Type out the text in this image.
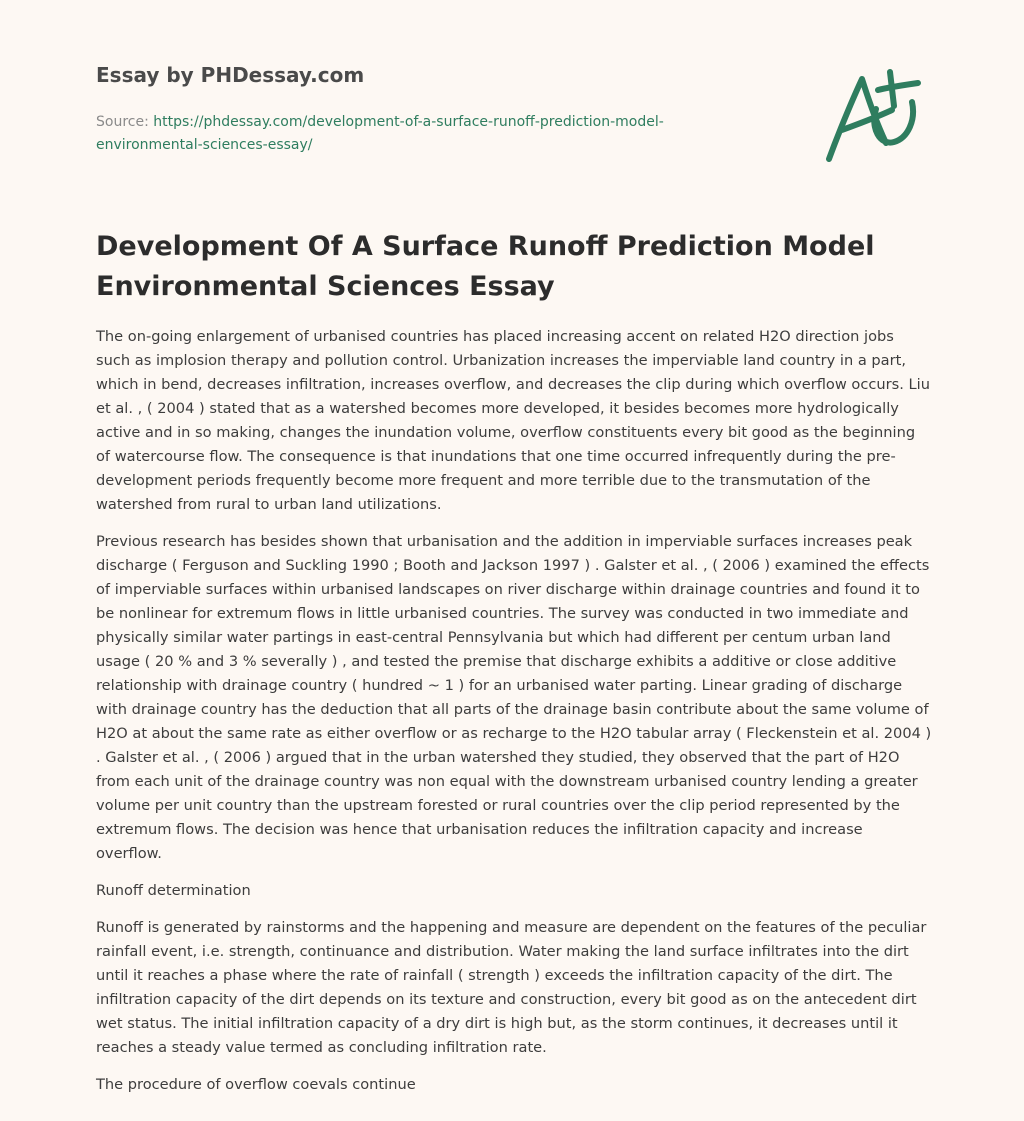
Essay by PHDessay.com

Source: https://phdessay.com/development-of-a-surface-runoff-prediction-model-environmental-sciences-essay/

Development Of A Surface Runoff Prediction Model Environmental Sciences Essay

The on-going enlargement of urbanised countries has placed increasing accent on related H2O direction jobs such as implosion therapy and pollution control. Urbanization increases the imperviable land country in a part, which in bend, decreases infiltration, increases overflow, and decreases the clip during which overflow occurs. Liu et al. , ( 2004 ) stated that as a watershed becomes more developed, it besides becomes more hydrologically active and in so making, changes the inundation volume, overflow constituents every bit good as the beginning of watercourse flow. The consequence is that inundations that one time occurred infrequently during the pre-development periods frequently become more frequent and more terrible due to the transmutation of the watershed from rural to urban land utilizations.

Previous research has besides shown that urbanisation and the addition in imperviable surfaces increases peak discharge ( Ferguson and Suckling 1990 ; Booth and Jackson 1997 ) . Galster et al. , ( 2006 ) examined the effects of imperviable surfaces within urbanised landscapes on river discharge within drainage countries and found it to be nonlinear for extremum flows in little urbanised countries. The survey was conducted in two immediate and physically similar water partings in east-central Pennsylvania but which had different per centum urban land usage ( 20 % and 3 % severally ) , and tested the premise that discharge exhibits a additive or close additive relationship with drainage country ( hundred ~ 1 ) for an urbanised water parting. Linear grading of discharge with drainage country has the deduction that all parts of the drainage basin contribute about the same volume of H2O at about the same rate as either overflow or as recharge to the H2O tabular array ( Fleckenstein et al. 2004 ) . Galster et al. , ( 2006 ) argued that in the urban watershed they studied, they observed that the part of H2O from each unit of the drainage country was non equal with the downstream urbanised country lending a greater volume per unit country than the upstream forested or rural countries over the clip period represented by the extremum flows. The decision was hence that urbanisation reduces the infiltration capacity and increase overflow.

Runoff determination

Runoff is generated by rainstorms and the happening and measure are dependent on the features of the peculiar rainfall event, i.e. strength, continuance and distribution. Water making the land surface infiltrates into the dirt until it reaches a phase where the rate of rainfall ( strength ) exceeds the infiltration capacity of the dirt. The infiltration capacity of the dirt depends on its texture and construction, every bit good as on the antecedent dirt wet status. The initial infiltration capacity of a dry dirt is high but, as the storm continues, it decreases until it reaches a steady value termed as concluding infiltration rate.

The procedure of overflow coevals continue
